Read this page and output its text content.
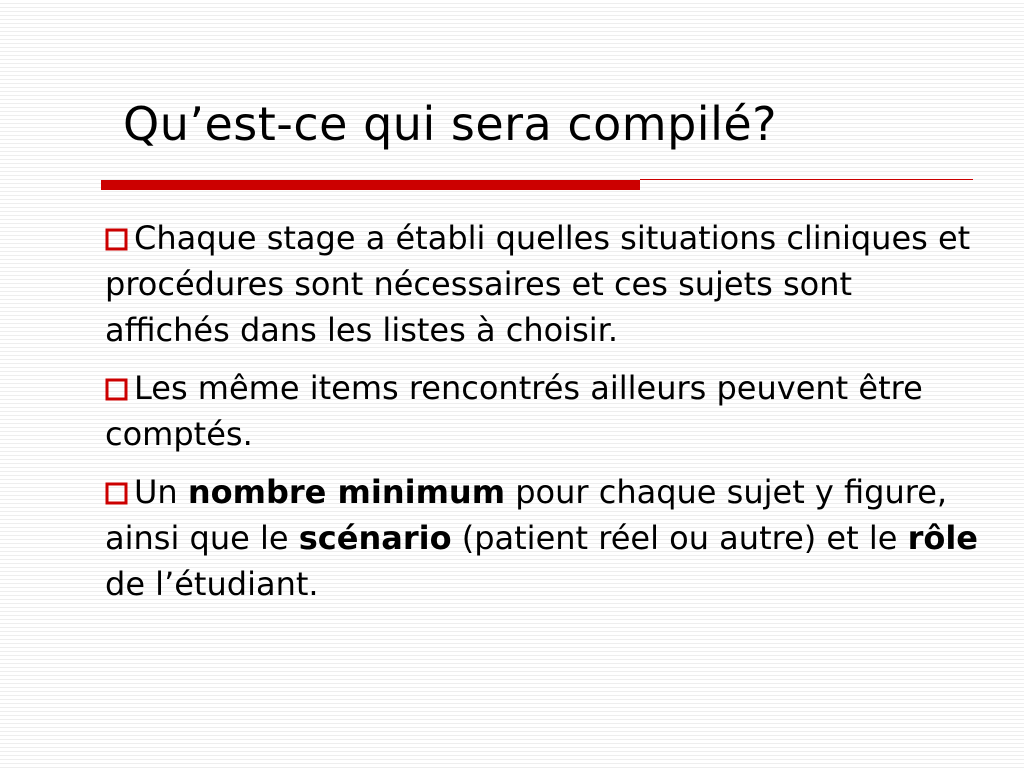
Qu’est-ce qui sera compilé?
Chaque stage a établi quelles situations cliniques et procédures sont nécessaires et ces sujets sont affichés dans les listes à choisir.
Les même items rencontrés ailleurs peuvent être comptés.
Un nombre minimum pour chaque sujet y figure, ainsi que le scénario (patient réel ou autre) et le rôle de l’étudiant.
